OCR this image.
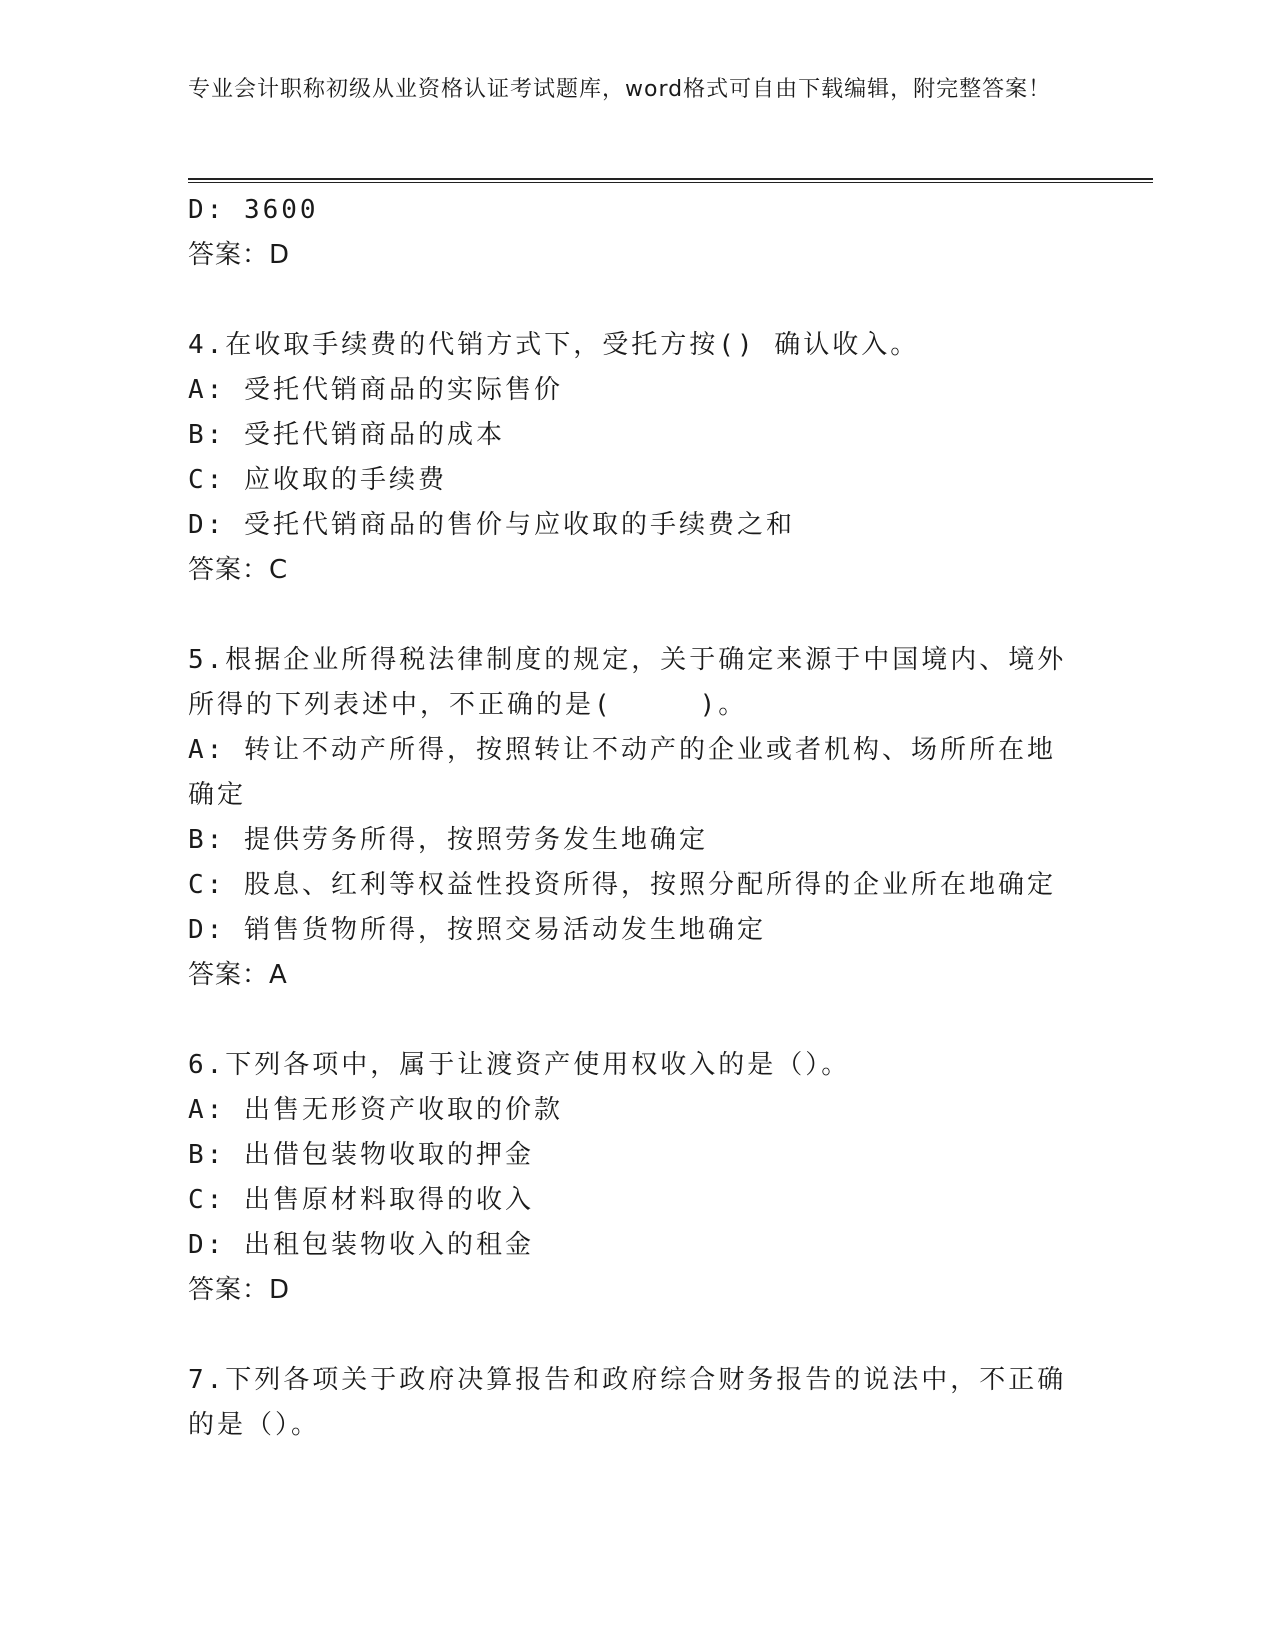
专业会计职称初级从业资格认证考试题库，word格式可自由下载编辑，附完整答案！
D: 3600
答案：D
4.在收取手续费的代销方式下，受托方按() 确认收入。
A: 受托代销商品的实际售价
B: 受托代销商品的成本
C: 应收取的手续费
D: 受托代销商品的售价与应收取的手续费之和
答案：C
5.根据企业所得税法律制度的规定，关于确定来源于中国境内、境外所得的下列表述中，不正确的是(　　　)。
A: 转让不动产所得，按照转让不动产的企业或者机构、场所所在地确定
B: 提供劳务所得，按照劳务发生地确定
C: 股息、红利等权益性投资所得，按照分配所得的企业所在地确定
D: 销售货物所得，按照交易活动发生地确定
答案：A
6.下列各项中，属于让渡资产使用权收入的是（）。
A: 出售无形资产收取的价款
B: 出借包装物收取的押金
C: 出售原材料取得的收入
D: 出租包装物收入的租金
答案：D
7.下列各项关于政府决算报告和政府综合财务报告的说法中，不正确的是（）。
